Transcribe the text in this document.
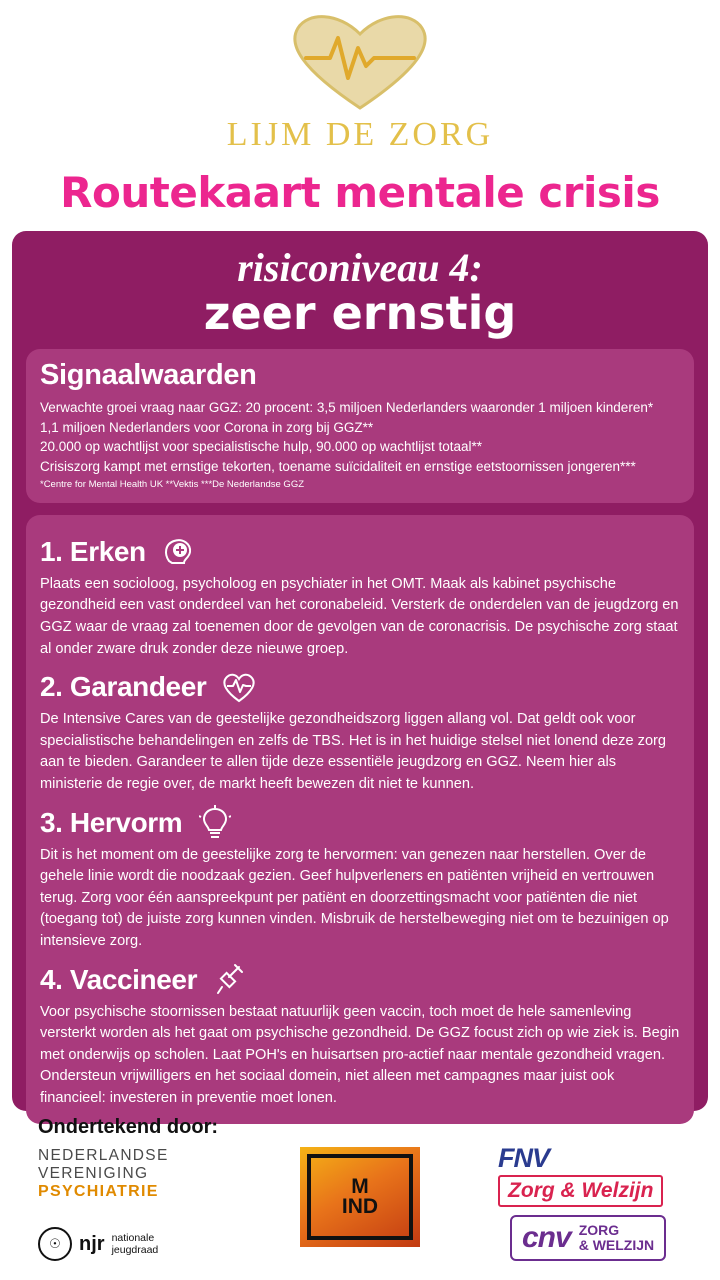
LIJM DE ZORG
Routekaart mentale crisis
risiconiveau 4:
zeer ernstig
Signaalwaarden
Verwachte groei vraag naar GGZ: 20 procent: 3,5 miljoen Nederlanders waaronder 1 miljoen kinderen*
1,1 miljoen Nederlanders voor Corona in zorg bij GGZ**
20.000 op wachtlijst voor specialistische hulp, 90.000 op wachtlijst totaal**
Crisiszorg kampt met ernstige tekorten, toename suïcidaliteit en ernstige eetstoornissen jongeren***
*Centre for Mental Health UK **Vektis ***De Nederlandse GGZ
1. Erken
Plaats een socioloog, psycholoog en psychiater in het OMT. Maak als kabinet psychische gezondheid een vast onderdeel van het coronabeleid. Versterk de onderdelen van de jeugdzorg en GGZ waar de vraag zal toenemen door de gevolgen van de coronacrisis. De psychische zorg staat al onder zware druk zonder deze nieuwe groep.
2. Garandeer
De Intensive Cares van de geestelijke gezondheidszorg liggen allang vol. Dat geldt ook voor specialistische behandelingen en zelfs de TBS. Het is in het huidige stelsel niet lonend deze zorg aan te bieden. Garandeer te allen tijde deze essentiële jeugdzorg en GGZ. Neem hier als ministerie de regie over, de markt heeft bewezen dit niet te kunnen.
3. Hervorm
Dit is het moment om de geestelijke zorg te hervormen: van genezen naar herstellen. Over de gehele linie wordt die noodzaak gezien. Geef hulpverleners en patiënten vrijheid en vertrouwen terug. Zorg voor één aanspreekpunt per patiënt en doorzettingsmacht voor patiënten die niet (toegang tot) de juiste zorg kunnen vinden. Misbruik de herstelbeweging niet om te bezuinigen op intensieve zorg.
4. Vaccineer
Voor psychische stoornissen bestaat natuurlijk geen vaccin, toch moet de hele samenleving versterkt worden als het gaat om psychische gezondheid. De GGZ focust zich op wie ziek is. Begin met onderwijs op scholen. Laat POH's en huisartsen pro-actief naar mentale gezondheid vragen. Ondersteun vrijwilligers en het sociaal domein, niet alleen met campagnes maar juist ook financieel: investeren in preventie moet lonen.
Ondertekend door:
NEDERLANDSE
VERENIGING
PSYCHIATRIE
☉ njr nationale
jeugdraad
M
IND
FNV
Zorg & Welzijn
cnv ZORG
& WELZIJN
